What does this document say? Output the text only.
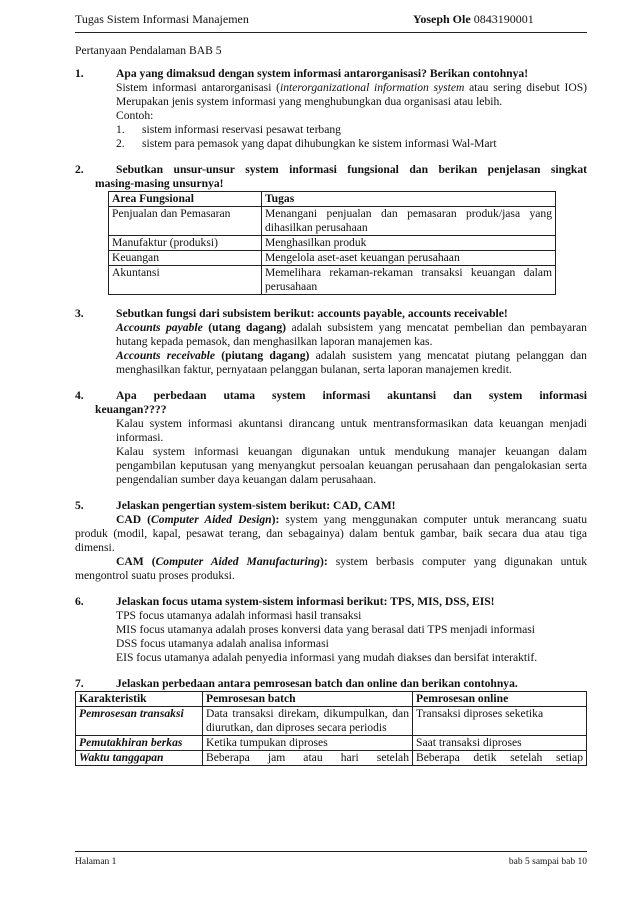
Tugas Sistem Informasi Manajemen	Yoseph Ole 0843190001
Pertanyaan Pendalaman BAB 5
1.	Apa yang dimaksud dengan system informasi antarorganisasi? Berikan contohnya!

Sistem informasi antarorganisasi (interorganizational information system atau sering disebut IOS) Merupakan jenis system informasi yang menghubungkan dua organisasi atau lebih.

Contoh:

1. sistem informasi reservasi pesawat terbang
2. sistem para pemasok yang dapat dihubungkan ke sistem informasi Wal-Mart
2.	Sebutkan unsur-unsur system informasi fungsional dan berikan penjelasan singkat
masing-masing unsurnya!
Area Fungsional	Tugas
Penjualan dan Pemasaran	Menangani penjualan dan pemasaran produk/jasa yang dihasilkan perusahaan
Manufaktur (produksi)	Menghasilkan produk
Keuangan	Mengelola aset-aset keuangan perusahaan
Akuntansi	Memelihara rekaman-rekaman transaksi keuangan dalam perusahaan
3.	Sebutkan fungsi dari subsistem berikut: accounts payable, accounts receivable!

Accounts payable (utang dagang) adalah subsistem yang mencatat pembelian dan pembayaran hutang kepada pemasok, dan menghasilkan laporan manajemen kas.

Accounts receivable (piutang dagang) adalah susistem yang mencatat piutang pelanggan dan menghasilkan faktur, pernyataan pelanggan bulanan, serta laporan manajemen kredit.

4.	Apa perbedaan utama system informasi akuntansi dan system informasi
keuangan????

Kalau system informasi akuntansi dirancang untuk mentransformasikan data keuangan menjadi informasi.

Kalau system informasi keuangan digunakan untuk mendukung manajer keuangan dalam pengambilan keputusan yang menyangkut persoalan keuangan perusahaan dan pengalokasian serta pengendalian sumber daya keuangan dalam perusahaan.

5.	Jelaskan pengertian system-sistem berikut: CAD, CAM!

CAD (Computer Aided Design): system yang menggunakan computer untuk merancang suatu produk (modil, kapal, pesawat terang, dan sebagainya) dalam bentuk gambar, baik secara dua atau tiga dimensi.

CAM (Computer Aided Manufacturing): system berbasis computer yang digunakan untuk mengontrol suatu proses produksi.

6.	Jelaskan focus utama system-sistem informasi berikut: TPS, MIS, DSS, EIS!

TPS focus utamanya adalah informasi hasil transaksi

MIS focus utamanya adalah proses konversi data yang berasal dati TPS menjadi informasi

DSS focus utamanya adalah analisa informasi

EIS focus utamanya adalah penyedia informasi yang mudah diakses dan bersifat interaktif.

7.	Jelaskan perbedaan antara pemrosesan batch dan online dan berikan contohnya.
Karakteristik	Pemrosesan batch	Pemrosesan online
Pemrosesan transaksi	Data transaksi direkam, dikumpulkan, dan diurutkan, dan diproses secara periodis	Transaksi diproses seketika
Pemutakhiran berkas	Ketika tumpukan diproses	Saat transaksi diproses
Waktu tanggapan	Beberapa jam atau hari setelah	Beberapa detik setelah setiap
Halaman 1	bab 5 sampai bab 10
